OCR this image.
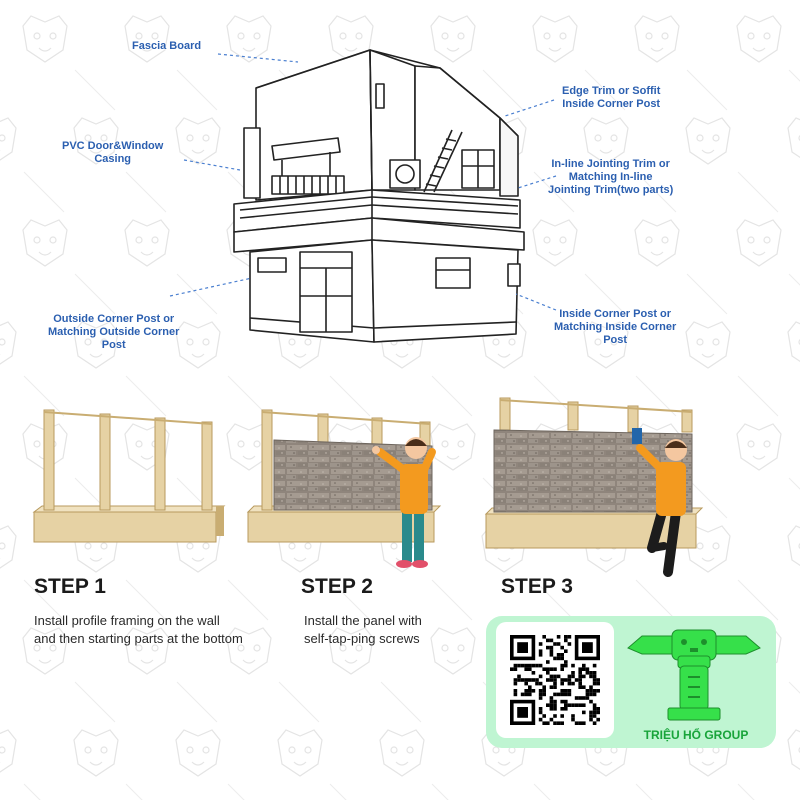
Fascia Board
PVC Door&Window
Casing
Outside Corner Post or
Matching Outside Corner
Post
Edge Trim or Soffit
Inside Corner Post
In-line Jointing Trim or
Matching In-line
Jointing Trim(two parts)
Inside Corner Post or
Matching Inside Corner
Post
STEP 1
Install profile framing on the wall
and then starting parts at the bottom
STEP 2
Install the panel with
self-tap-ping screws
STEP 3
TRIỆU HỔ GROUP
